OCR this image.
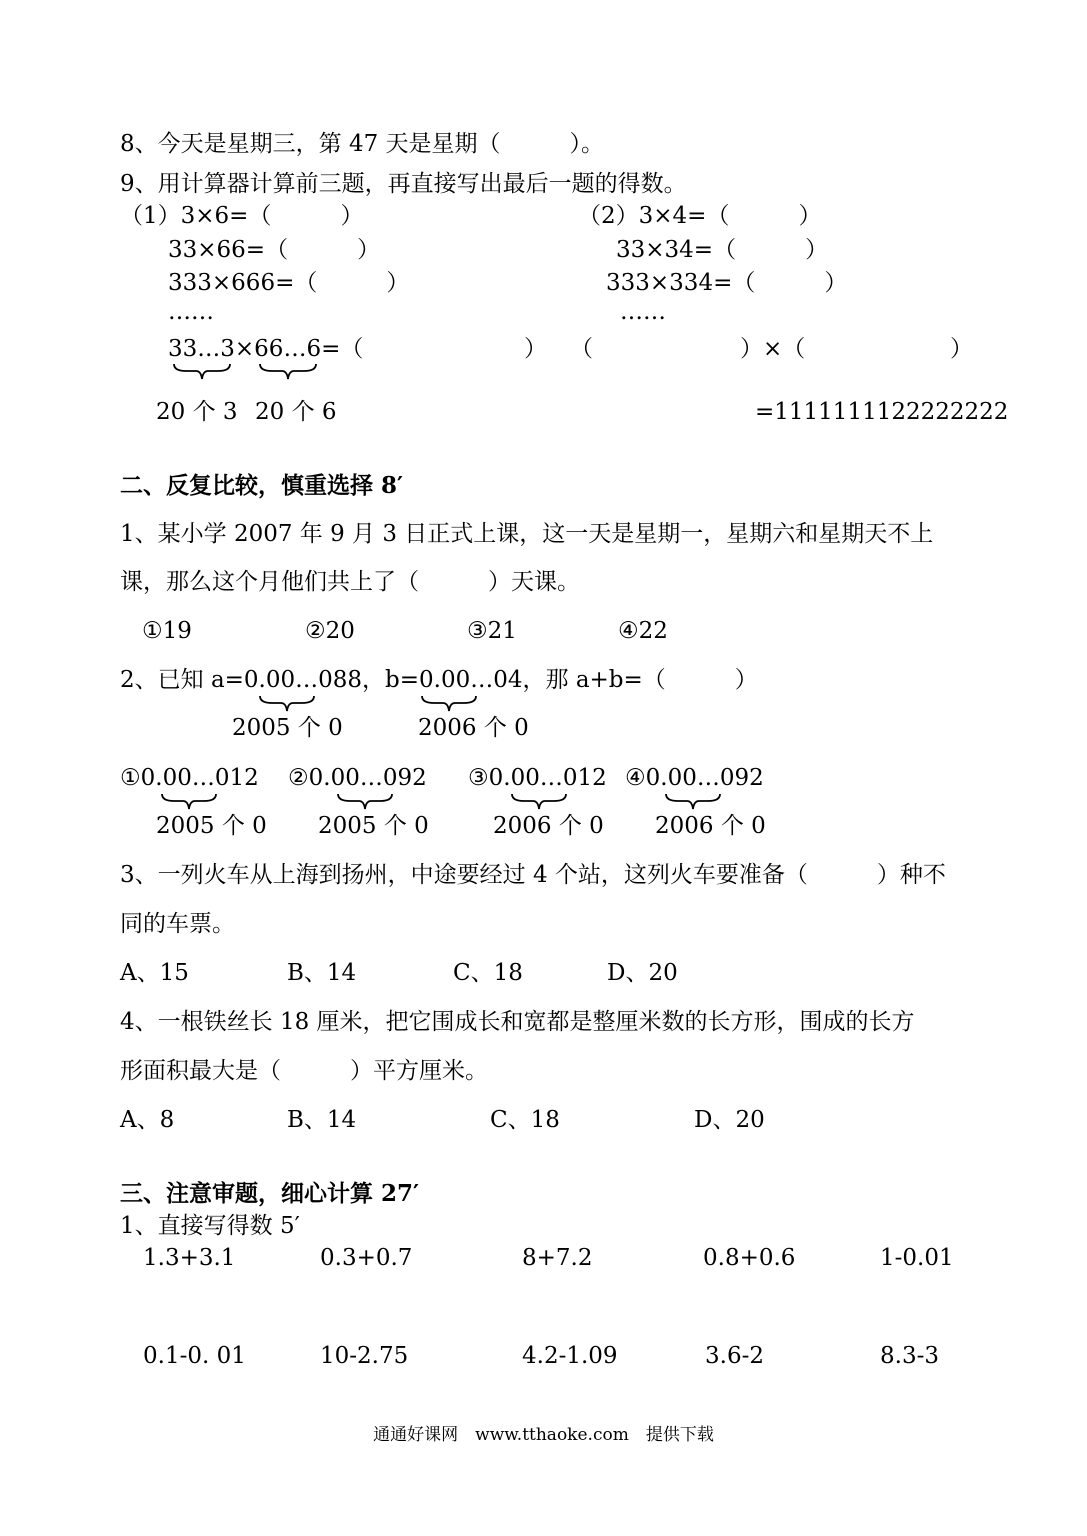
8、今天是星期三，第 47 天是星期（　　　）。
9、用计算器计算前三题，再直接写出最后一题的得数。
（1）3×6=（　　　）
33×66=（　　　）
333×666=（　　　）
……
33…3×66…6=（	）
20 个 3 20 个 6
（2）3×4=（　　　）
33×34=（　　　）
333×334=（　　　）
……
（	）×（	）
=1111111122222222
二、反复比较，慎重选择 8′
1、某小学 2007 年 9 月 3 日正式上课，这一天是星期一，星期六和星期天不上
课，那么这个月他们共上了（　　　）天课。
①19	②20	③21	④22
2、已知 a=0.00…088，b=0.00…04，那 a+b=（　　　）
2005 个 0	2006 个 0
①0.00…012 ②0.00…092 ③0.00…012 ④0.00…092
2005 个 0 2005 个 0	2006 个 0 2006 个 0
3、一列火车从上海到扬州，中途要经过 4 个站，这列火车要准备（　　　）种不
同的车票。
A、15	B、14	C、18	D、20
4、一根铁丝长 18 厘米，把它围成长和宽都是整厘米数的长方形，围成的长方
形面积最大是（　　　）平方厘米。
A、8	B、14	C、18	D、20
三、注意审题，细心计算 27′
1、直接写得数 5′
1.3+3.1	0.3+0.7	8+7.2	0.8+0.6	1-0.01
0.1-0. 01	10-2.75	4.2-1.09	3.6-2	8.3-3
通通好课网　www.tthaoke.com　提供下载
